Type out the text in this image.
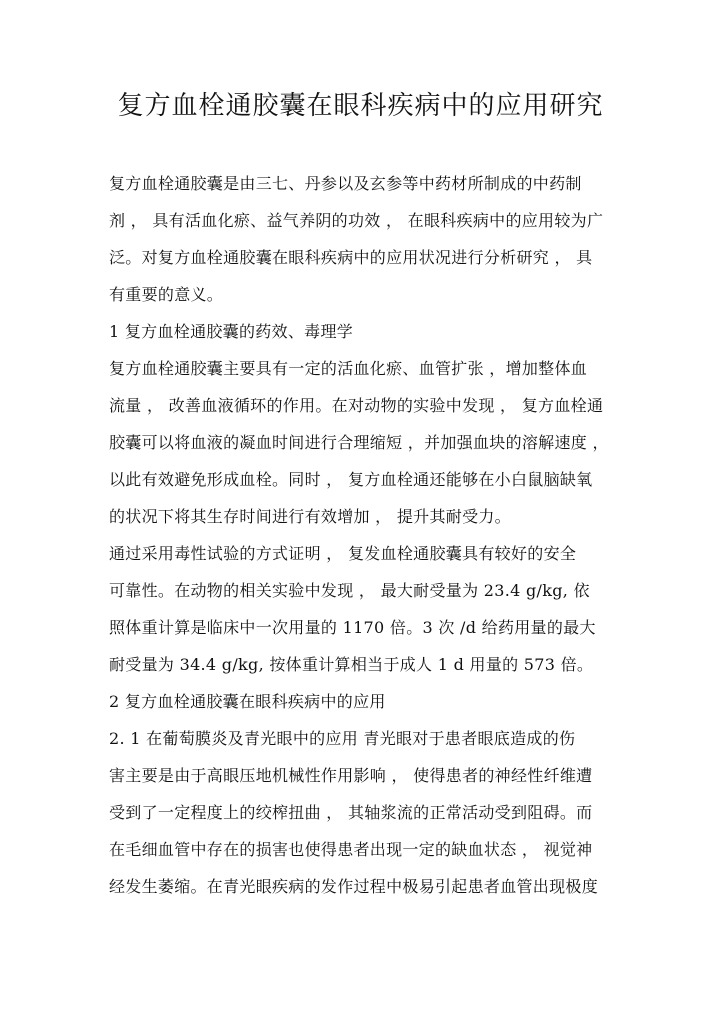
复方血栓通胶囊在眼科疾病中的应用研究
复方血栓通胶囊是由三七、丹参以及玄参等中药材所制成的中药制
剂 ， 具有活血化瘀、益气养阴的功效 ， 在眼科疾病中的应用较为广
泛。对复方血栓通胶囊在眼科疾病中的应用状况进行分析研究 ， 具
有重要的意义。
1 复方血栓通胶囊的药效、毒理学
复方血栓通胶囊主要具有一定的活血化瘀、血管扩张 ，增加整体血
流量 ， 改善血液循环的作用。在对动物的实验中发现 ， 复方血栓通
胶囊可以将血液的凝血时间进行合理缩短 ，并加强血块的溶解速度 ，
以此有效避免形成血栓。同时 ， 复方血栓通还能够在小白鼠脑缺氧
的状况下将其生存时间进行有效增加 ， 提升其耐受力。
通过采用毒性试验的方式证明 ， 复发血栓通胶囊具有较好的安全
可靠性。在动物的相关实验中发现 ， 最大耐受量为 23.4 g/kg, 依
照体重计算是临床中一次用量的 1170 倍。3 次 /d 给药用量的最大
耐受量为 34.4 g/kg, 按体重计算相当于成人 1 d 用量的 573 倍。
2 复方血栓通胶囊在眼科疾病中的应用
2. 1 在葡萄膜炎及青光眼中的应用 青光眼对于患者眼底造成的伤
害主要是由于高眼压地机械性作用影响 ， 使得患者的神经性纤维遭
受到了一定程度上的绞榨扭曲 ， 其轴浆流的正常活动受到阻碍。而
在毛细血管中存在的损害也使得患者出现一定的缺血状态 ， 视觉神
经发生萎缩。在青光眼疾病的发作过程中极易引起患者血管出现极度
